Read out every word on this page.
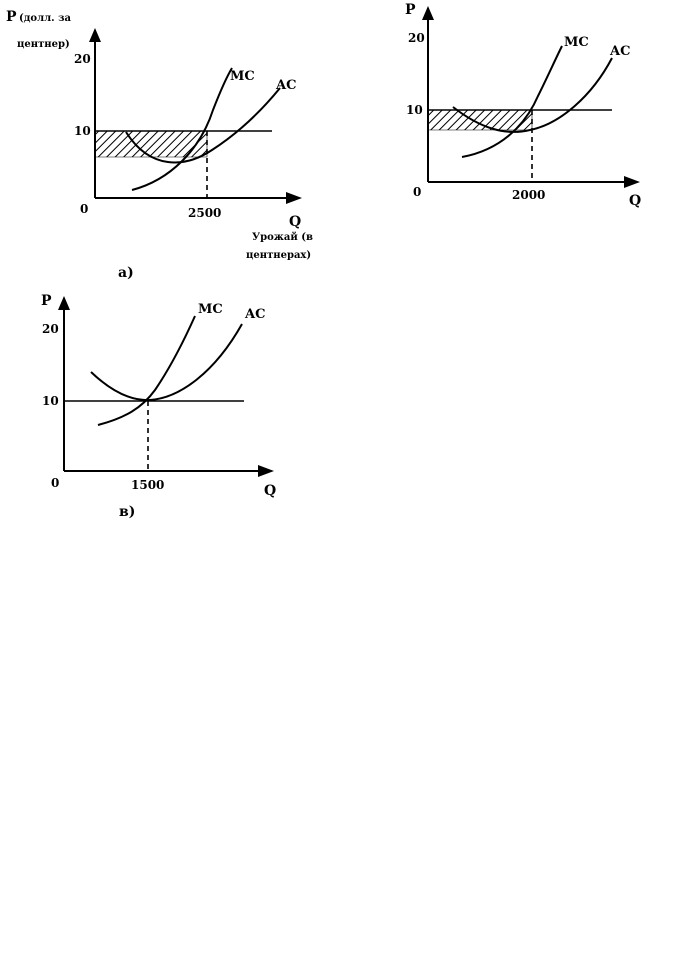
P (долл. за
центнер)
20
10
0	2500
Q
Урожай (в
центнерах)
MC
AC
а)
P
20
10
0	2000	Q
MC
AC
б)
P
20
10
0	1500	Q
MC AC
в)
